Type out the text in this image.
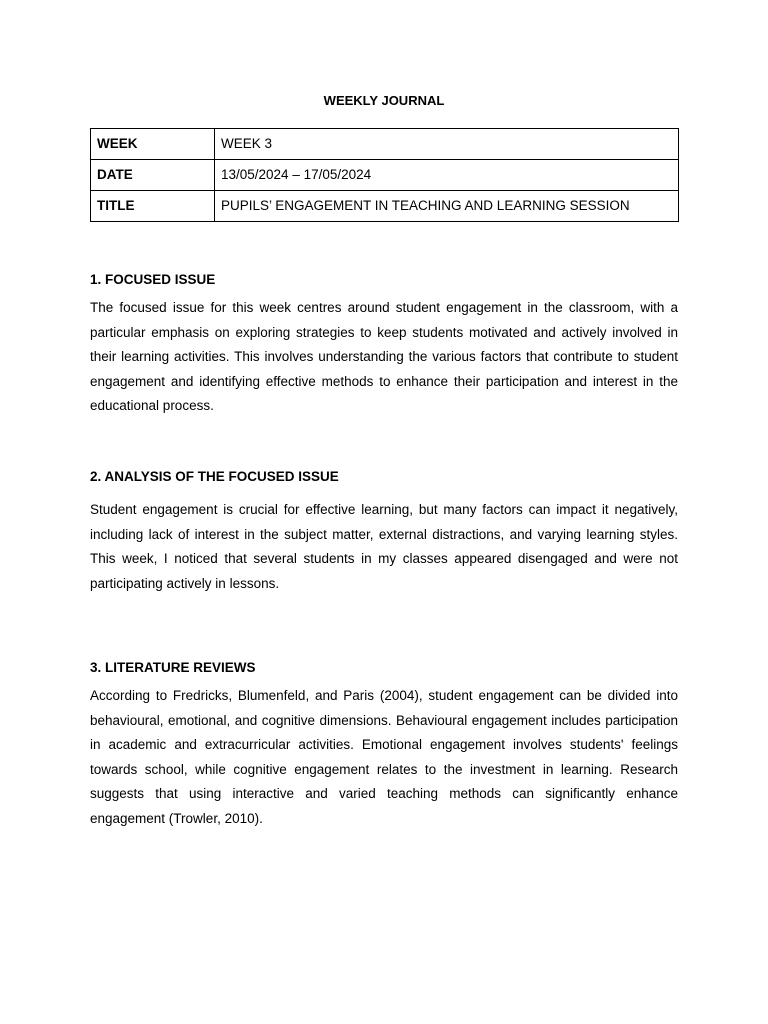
WEEKLY JOURNAL
WEEK	WEEK 3
DATE	13/05/2024 – 17/05/2024
TITLE	PUPILS’ ENGAGEMENT IN TEACHING AND LEARNING SESSION
1. FOCUSED ISSUE
The focused issue for this week centres around student engagement in the classroom, with a particular emphasis on exploring strategies to keep students motivated and actively involved in their learning activities. This involves understanding the various factors that contribute to student engagement and identifying effective methods to enhance their participation and interest in the educational process.
2. ANALYSIS OF THE FOCUSED ISSUE
Student engagement is crucial for effective learning, but many factors can impact it negatively, including lack of interest in the subject matter, external distractions, and varying learning styles. This week, I noticed that several students in my classes appeared disengaged and were not participating actively in lessons.
3. LITERATURE REVIEWS
According to Fredricks, Blumenfeld, and Paris (2004), student engagement can be divided into behavioural, emotional, and cognitive dimensions. Behavioural engagement includes participation in academic and extracurricular activities. Emotional engagement involves students' feelings towards school, while cognitive engagement relates to the investment in learning. Research suggests that using interactive and varied teaching methods can significantly enhance engagement (Trowler, 2010).
